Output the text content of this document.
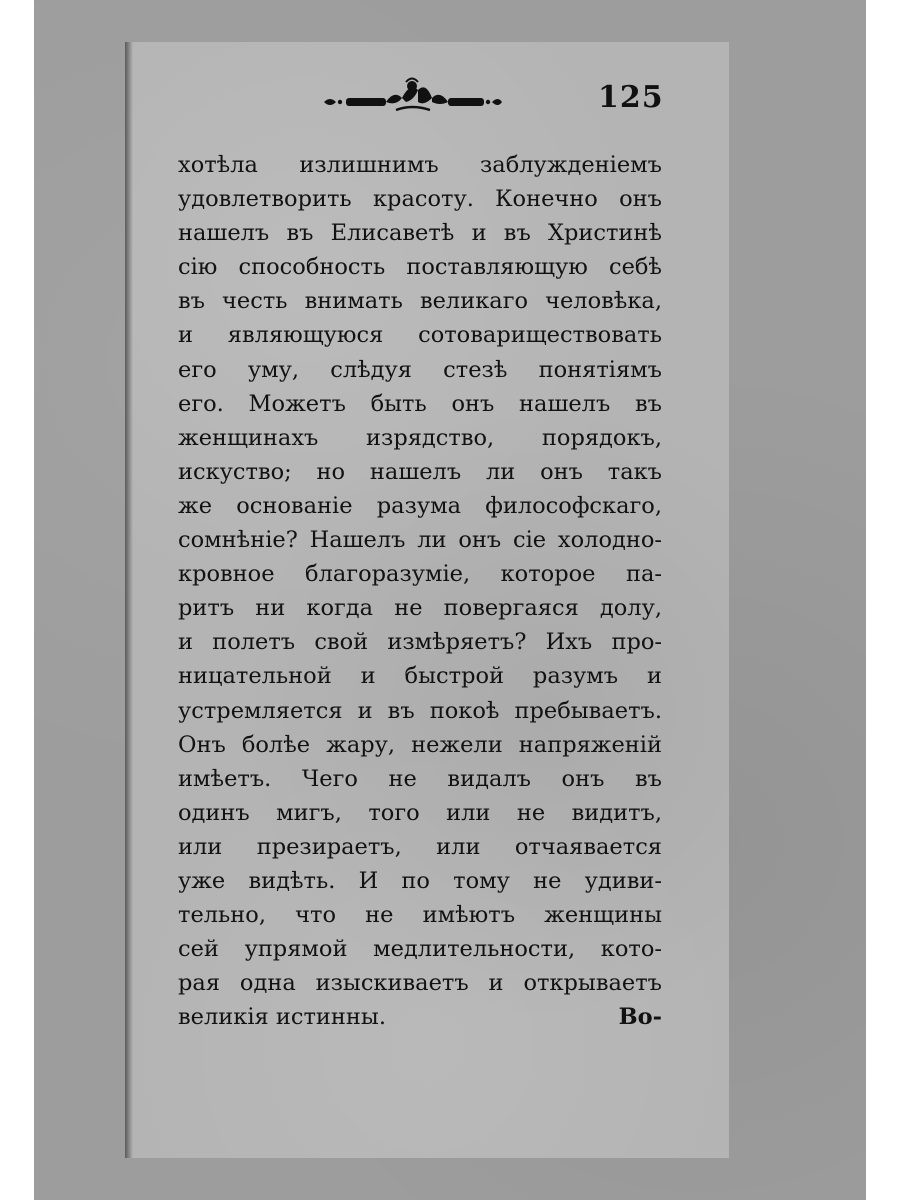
125
хотѣла излишнимъ заблужденiемъ
удовлетворить красоту. Конечно онъ
нашелъ въ Елисаветѣ и въ Христинѣ
сiю способность поставляющую себѣ
въ честь внимать великаго человѣка,
и являющуюся сотовариществовать
его уму, слѣдуя стезѣ понятiямъ
его. Можетъ быть онъ нашелъ въ
женщинахъ изрядство, порядокъ,
искуство; но нашелъ ли онъ такъ
же основанiе разума философскаго,
сомнѣнiе? Нашелъ ли онъ сiе холодно-
кровное благоразумiе, которое па-
ритъ ни когда не повергаяся долу,
и полетъ свой измѣряетъ? Ихъ про-
ницательной и быстрой разумъ и
устремляется и въ покоѣ пребываетъ.
Онъ болѣе жару, нежели напряженiй
имѣетъ. Чего не видалъ онъ въ
одинъ мигъ, того или не видитъ,
или презираетъ, или отчаявается
уже видѣть. И по тому не удиви-
тельно, что не имѣютъ женщины
сей упрямой медлительности, кото-
рая одна изыскиваетъ и открываетъ
великiя истинны.	Во-
